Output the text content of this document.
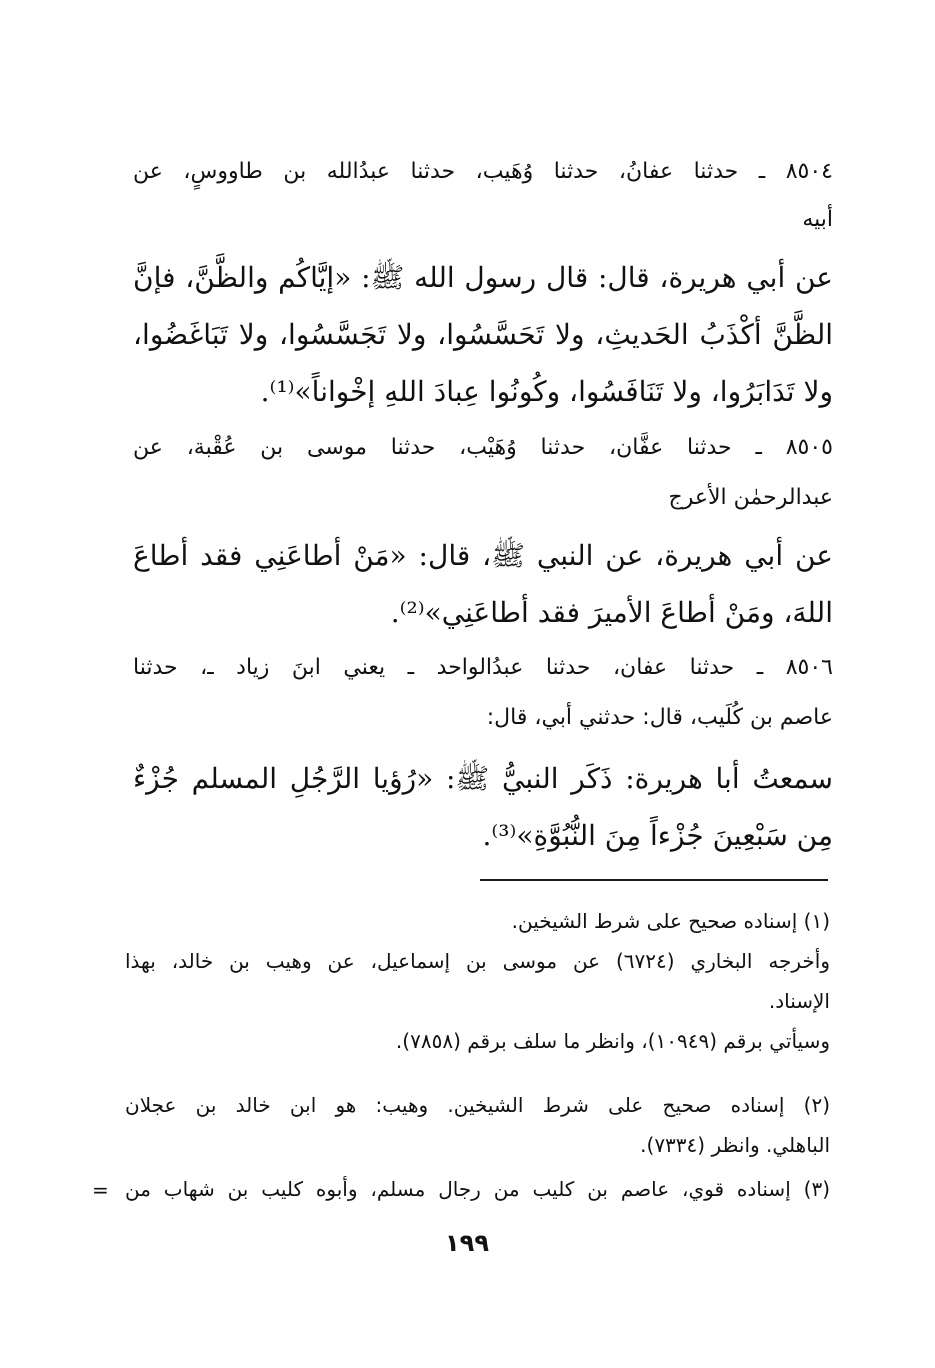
٨٥٠٤ ـ حدثنا عفانُ، حدثنا وُهَيب، حدثنا عبدُالله بن طاووسٍ، عن
أبيه
عن أبي هريرة، قال: قال رسول الله ﷺ: «إيَّاكُم والظَّنَّ، فإنَّ
الظَّنَّ أكْذَبُ الحَديثِ، ولا تَحَسَّسُوا، ولا تَجَسَّسُوا، ولا تَبَاغَضُوا،
ولا تَدَابَرُوا، ولا تَنَافَسُوا، وكُونُوا عِبادَ اللهِ إخْواناً»⁽¹⁾.
٨٥٠٥ ـ حدثنا عفَّان، حدثنا وُهَيْب، حدثنا موسى بن عُقْبة، عن
عبدالرحمٰن الأعرج
عن أبي هريرة، عن النبي ﷺ، قال: «مَنْ أطاعَنِي فقد أطاعَ
اللهَ، ومَنْ أطاعَ الأميرَ فقد أطاعَنِي»⁽²⁾.
٨٥٠٦ ـ حدثنا عفان، حدثنا عبدُالواحد ـ يعني ابنَ زياد ـ، حدثنا
عاصم بن كُلَيب، قال: حدثني أبي، قال:
سمعتُ أبا هريرة: ذَكَر النبيُّ ﷺ: «رُؤيا الرَّجُلِ المسلم جُزْءٌ
مِن سَبْعِينَ جُزْءاً مِنَ النُّبُوَّةِ»⁽³⁾.
(١) إسناده صحيح على شرط الشيخين.
وأخرجه البخاري (٦٧٢٤) عن موسى بن إسماعيل، عن وهيب بن خالد، بهذا
الإسناد.
وسيأتي برقم (١٠٩٤٩)، وانظر ما سلف برقم (٧٨٥٨).
(٢) إسناده صحيح على شرط الشيخين. وهيب: هو ابن خالد بن عجلان
الباهلي. وانظر (٧٣٣٤).
(٣) إسناده قوي، عاصم بن كليب من رجال مسلم، وأبوه كليب بن شهاب من
=
١٩٩
